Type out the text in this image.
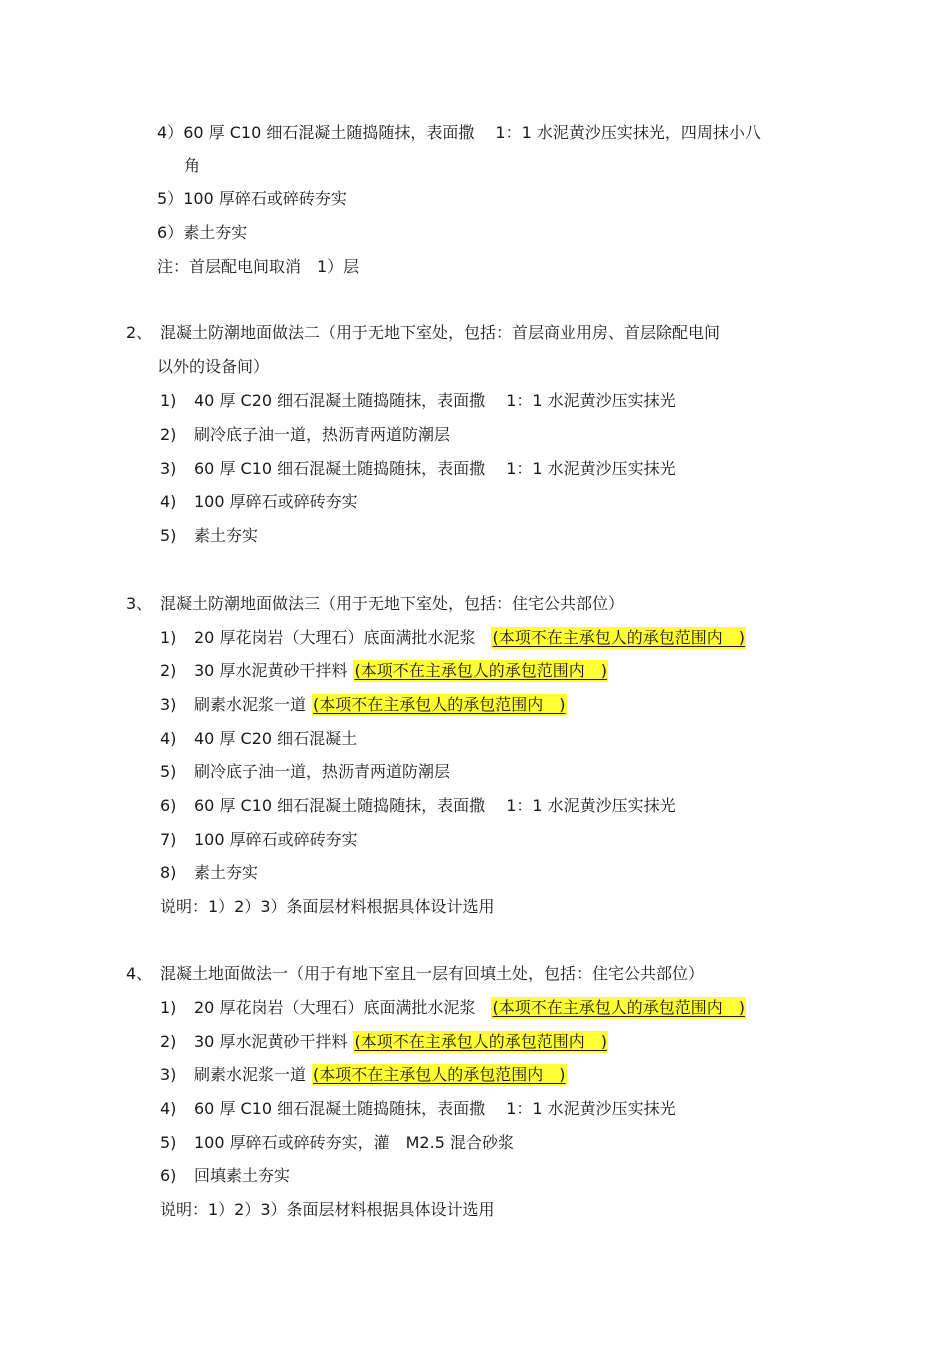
4）60 厚 C10 细石混凝土随捣随抹，表面撒　 1：1 水泥黄沙压实抹光，四周抹小八
角
5）100 厚碎石或碎砖夯实
6）素土夯实
注：首层配电间取消　1）层
2、 混凝土防潮地面做法二（用于无地下室处，包括：首层商业用房、首层除配电间
以外的设备间）
1) 40 厚 C20 细石混凝土随捣随抹，表面撒　 1：1 水泥黄沙压实抹光
2) 刷冷底子油一道，热沥青两道防潮层
3) 60 厚 C10 细石混凝土随捣随抹，表面撒　 1：1 水泥黄沙压实抹光
4) 100 厚碎石或碎砖夯实
5) 素土夯实
3、 混凝土防潮地面做法三（用于无地下室处，包括：住宅公共部位）
1) 20 厚花岗岩（大理石）底面满批水泥浆 (本项不在主承包人的承包范围内　)
2) 30 厚水泥黄砂干拌料 (本项不在主承包人的承包范围内　)
3) 刷素水泥浆一道 (本项不在主承包人的承包范围内　)
4) 40 厚 C20 细石混凝土
5) 刷冷底子油一道，热沥青两道防潮层
6) 60 厚 C10 细石混凝土随捣随抹，表面撒　 1：1 水泥黄沙压实抹光
7) 100 厚碎石或碎砖夯实
8) 素土夯实
说明：1）2）3）条面层材料根据具体设计选用
4、 混凝土地面做法一（用于有地下室且一层有回填土处，包括：住宅公共部位）
1) 20 厚花岗岩（大理石）底面满批水泥浆 (本项不在主承包人的承包范围内　)
2) 30 厚水泥黄砂干拌料 (本项不在主承包人的承包范围内　)
3) 刷素水泥浆一道 (本项不在主承包人的承包范围内　)
4) 60 厚 C10 细石混凝土随捣随抹，表面撒　 1：1 水泥黄沙压实抹光
5) 100 厚碎石或碎砖夯实，灌　M2.5 混合砂浆
6) 回填素土夯实
说明：1）2）3）条面层材料根据具体设计选用
